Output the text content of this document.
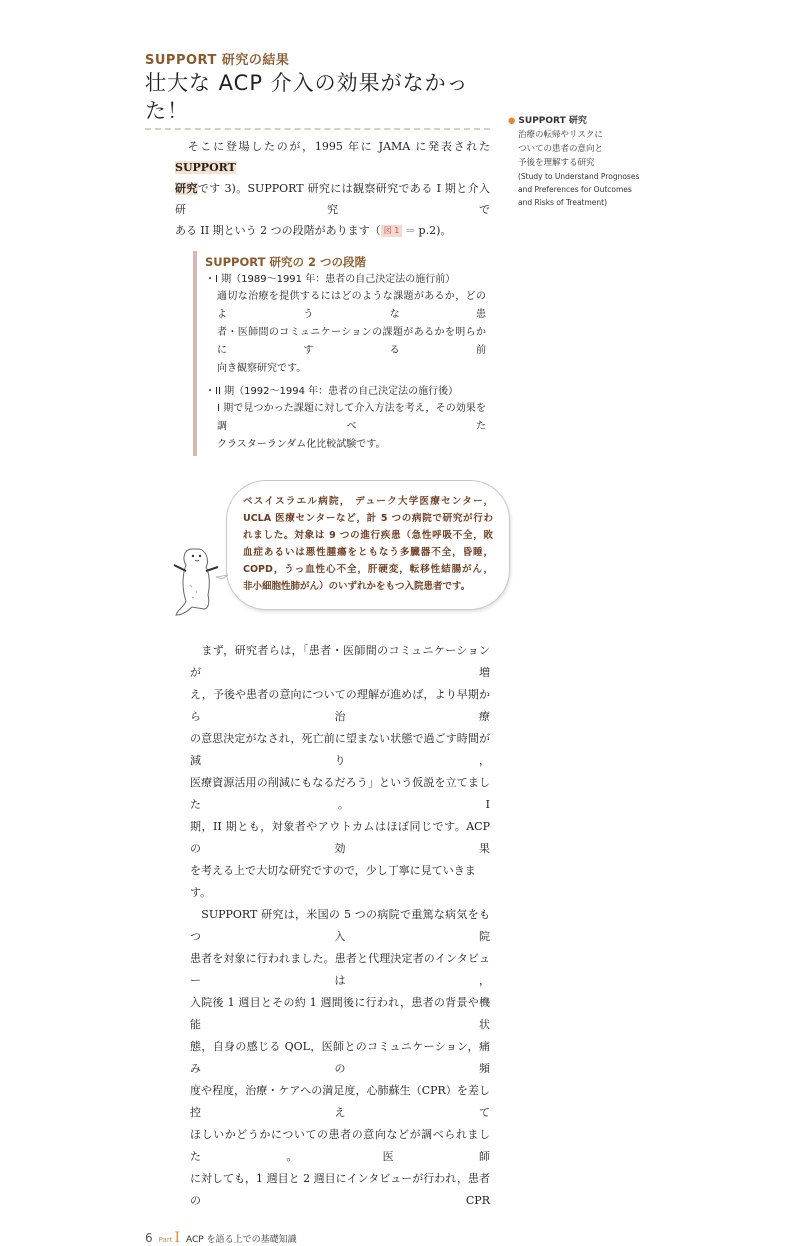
SUPPORT 研究の結果
壮大な ACP 介入の効果がなかった！
　そこに登場したのが，1995 年に JAMA に発表された SUPPORT
研究です 3)。SUPPORT 研究には観察研究である I 期と介入研究で
ある II 期という 2 つの段階があります（ 図 1 ⇒ p.2)。
SUPPORT 研究の 2 つの段階
・I 期（1989〜1991 年：患者の自己決定法の施行前）
適切な治療を提供するにはどのような課題があるか，どのような患
者・医師間のコミュニケーションの課題があるかを明らかにする前
向き観察研究です。
・II 期（1992〜1994 年：患者の自己決定法の施行後）
I 期で見つかった課題に対して介入方法を考え，その効果を調べた
クラスターランダム化比較試験です。
ベスイスラエル病院， デューク大学医療センター，
UCLA 医療センターなど，計 5 つの病院で研究が行わ
れました。対象は 9 つの進行疾患（急性呼吸不全，敗
血症あるいは悪性腫瘍をともなう多臓器不全，昏睡，
COPD，うっ血性心不全，肝硬変，転移性結腸がん，
非小細胞性肺がん）のいずれかをもつ入院患者です。
　まず，研究者らは，「患者・医師間のコミュニケーションが増
え，予後や患者の意向についての理解が進めば，より早期から治療
の意思決定がなされ，死亡前に望まない状態で過ごす時間が減り，
医療資源活用の削減にもなるだろう」という仮説を立てました。I
期，II 期とも，対象者やアウトカムはほぼ同じです。ACP の効果
を考える上で大切な研究ですので，少し丁寧に見ていきます。
　SUPPORT 研究は，米国の 5 つの病院で重篤な病気をもつ入院
患者を対象に行われました。患者と代理決定者のインタビューは，
入院後 1 週目とその約 1 週間後に行われ，患者の背景や機能状
態，自身の感じる QOL，医師とのコミュニケーション，痛みの頻
度や程度，治療・ケアへの満足度，心肺蘇生（CPR）を差し控えて
ほしいかどうかについての患者の意向などが調べられました。医師
に対しても，1 週目と 2 週目にインタビューが行われ，患者の CPR
6 Part I ACP を語る上での基礎知識
● SUPPORT 研究
治療の転帰やリスクに
ついての患者の意向と
予後を理解する研究
(Study to Understand Prognoses and Preferences for Outcomes and Risks of Treatment)
